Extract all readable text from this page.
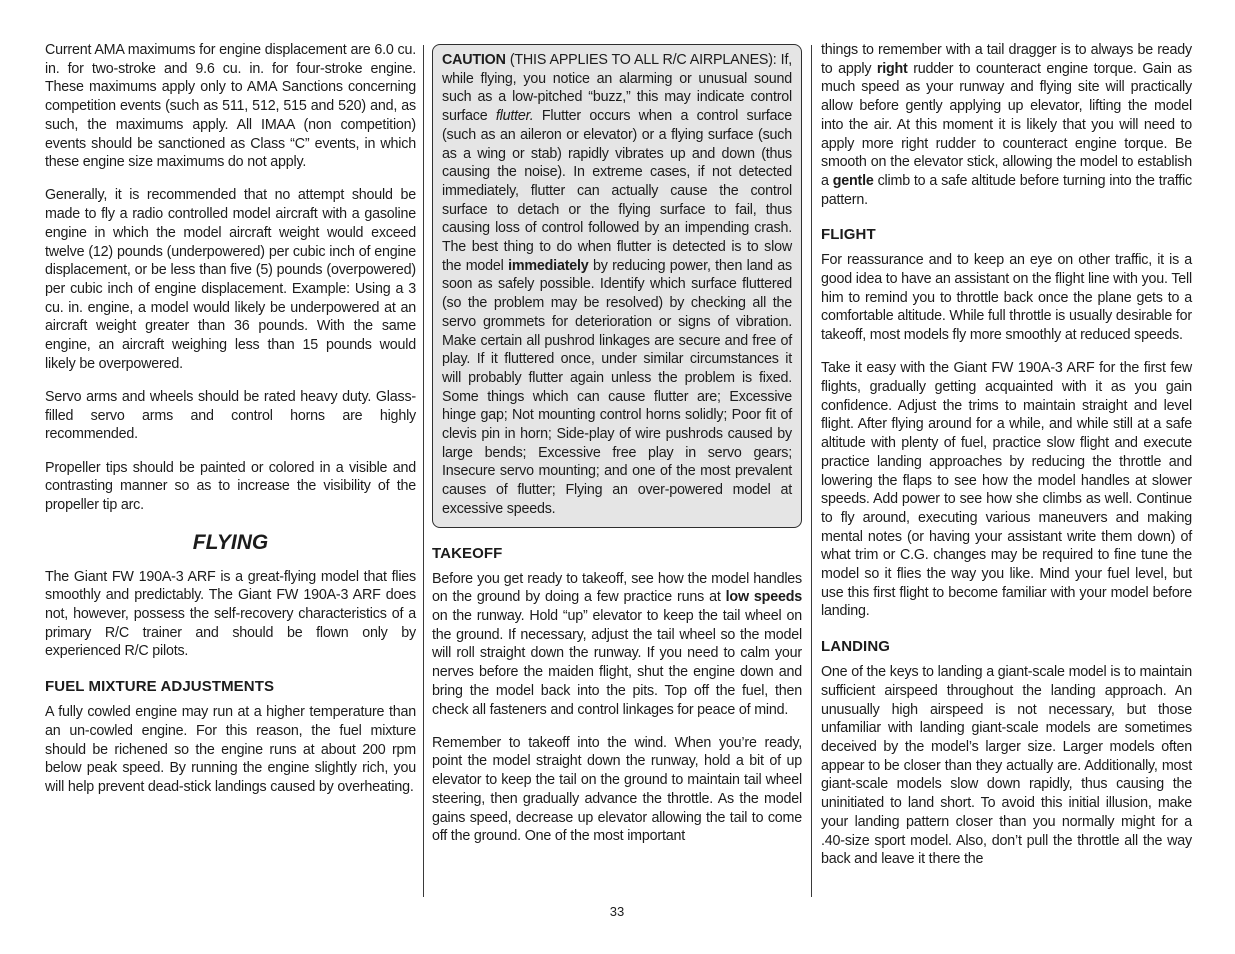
Current AMA maximums for engine displacement are 6.0 cu. in. for two-stroke and 9.6 cu. in. for four-stroke engine. These maximums apply only to AMA Sanctions concerning competition events (such as 511, 512, 515 and 520) and, as such, the maximums apply. All IMAA (non competition) events should be sanctioned as Class “C” events, in which these engine size maximums do not apply.

Generally, it is recommended that no attempt should be made to fly a radio controlled model aircraft with a gasoline engine in which the model aircraft weight would exceed twelve (12) pounds (underpowered) per cubic inch of engine displacement, or be less than five (5) pounds (overpowered) per cubic inch of engine displacement. Example: Using a 3 cu. in. engine, a model would likely be underpowered at an aircraft weight greater than 36 pounds. With the same engine, an aircraft weighing less than 15 pounds would likely be overpowered.

Servo arms and wheels should be rated heavy duty. Glass-filled servo arms and control horns are highly recommended.

Propeller tips should be painted or colored in a visible and contrasting manner so as to increase the visibility of the propeller tip arc.

FLYING

The Giant FW 190A-3 ARF is a great-flying model that flies smoothly and predictably. The Giant FW 190A-3 ARF does not, however, possess the self-recovery characteristics of a primary R/C trainer and should be flown only by experienced R/C pilots.

FUEL MIXTURE ADJUSTMENTS

A fully cowled engine may run at a higher temperature than an un-cowled engine. For this reason, the fuel mixture should be richened so the engine runs at about 200 rpm below peak speed. By running the engine slightly rich, you will help prevent dead-stick landings caused by overheating.

CAUTION (THIS APPLIES TO ALL R/C AIRPLANES): If, while flying, you notice an alarming or unusual sound such as a low-pitched “buzz,” this may indicate control surface flutter. Flutter occurs when a control surface (such as an aileron or elevator) or a flying surface (such as a wing or stab) rapidly vibrates up and down (thus causing the noise). In extreme cases, if not detected immediately, flutter can actually cause the control surface to detach or the flying surface to fail, thus causing loss of control followed by an impending crash. The best thing to do when flutter is detected is to slow the model immediately by reducing power, then land as soon as safely possible. Identify which surface fluttered (so the problem may be resolved) by checking all the servo grommets for deterioration or signs of vibration. Make certain all pushrod linkages are secure and free of play. If it fluttered once, under similar circumstances it will probably flutter again unless the problem is fixed. Some things which can cause flutter are; Excessive hinge gap; Not mounting control horns solidly; Poor fit of clevis pin in horn; Side-play of wire pushrods caused by large bends; Excessive free play in servo gears; Insecure servo mounting; and one of the most prevalent causes of flutter; Flying an over-powered model at excessive speeds.
TAKEOFF

Before you get ready to takeoff, see how the model handles on the ground by doing a few practice runs at low speeds on the runway. Hold “up” elevator to keep the tail wheel on the ground. If necessary, adjust the tail wheel so the model will roll straight down the runway. If you need to calm your nerves before the maiden flight, shut the engine down and bring the model back into the pits. Top off the fuel, then check all fasteners and control linkages for peace of mind.

Remember to takeoff into the wind. When you’re ready, point the model straight down the runway, hold a bit of up elevator to keep the tail on the ground to maintain tail wheel steering, then gradually advance the throttle. As the model gains speed, decrease up elevator allowing the tail to come off the ground. One of the most important

things to remember with a tail dragger is to always be ready to apply right rudder to counteract engine torque. Gain as much speed as your runway and flying site will practically allow before gently applying up elevator, lifting the model into the air. At this moment it is likely that you will need to apply more right rudder to counteract engine torque. Be smooth on the elevator stick, allowing the model to establish a gentle climb to a safe altitude before turning into the traffic pattern.

FLIGHT

For reassurance and to keep an eye on other traffic, it is a good idea to have an assistant on the flight line with you. Tell him to remind you to throttle back once the plane gets to a comfortable altitude. While full throttle is usually desirable for takeoff, most models fly more smoothly at reduced speeds.

Take it easy with the Giant FW 190A-3 ARF for the first few flights, gradually getting acquainted with it as you gain confidence. Adjust the trims to maintain straight and level flight. After flying around for a while, and while still at a safe altitude with plenty of fuel, practice slow flight and execute practice landing approaches by reducing the throttle and lowering the flaps to see how the model handles at slower speeds. Add power to see how she climbs as well. Continue to fly around, executing various maneuvers and making mental notes (or having your assistant write them down) of what trim or C.G. changes may be required to fine tune the model so it flies the way you like. Mind your fuel level, but use this first flight to become familiar with your model before landing.

LANDING

One of the keys to landing a giant-scale model is to maintain sufficient airspeed throughout the landing approach. An unusually high airspeed is not necessary, but those unfamiliar with landing giant-scale models are sometimes deceived by the model’s larger size. Larger models often appear to be closer than they actually are. Additionally, most giant-scale models slow down rapidly, thus causing the uninitiated to land short. To avoid this initial illusion, make your landing pattern closer than you normally might for a .40-size sport model. Also, don’t pull the throttle all the way back and leave it there the

33
